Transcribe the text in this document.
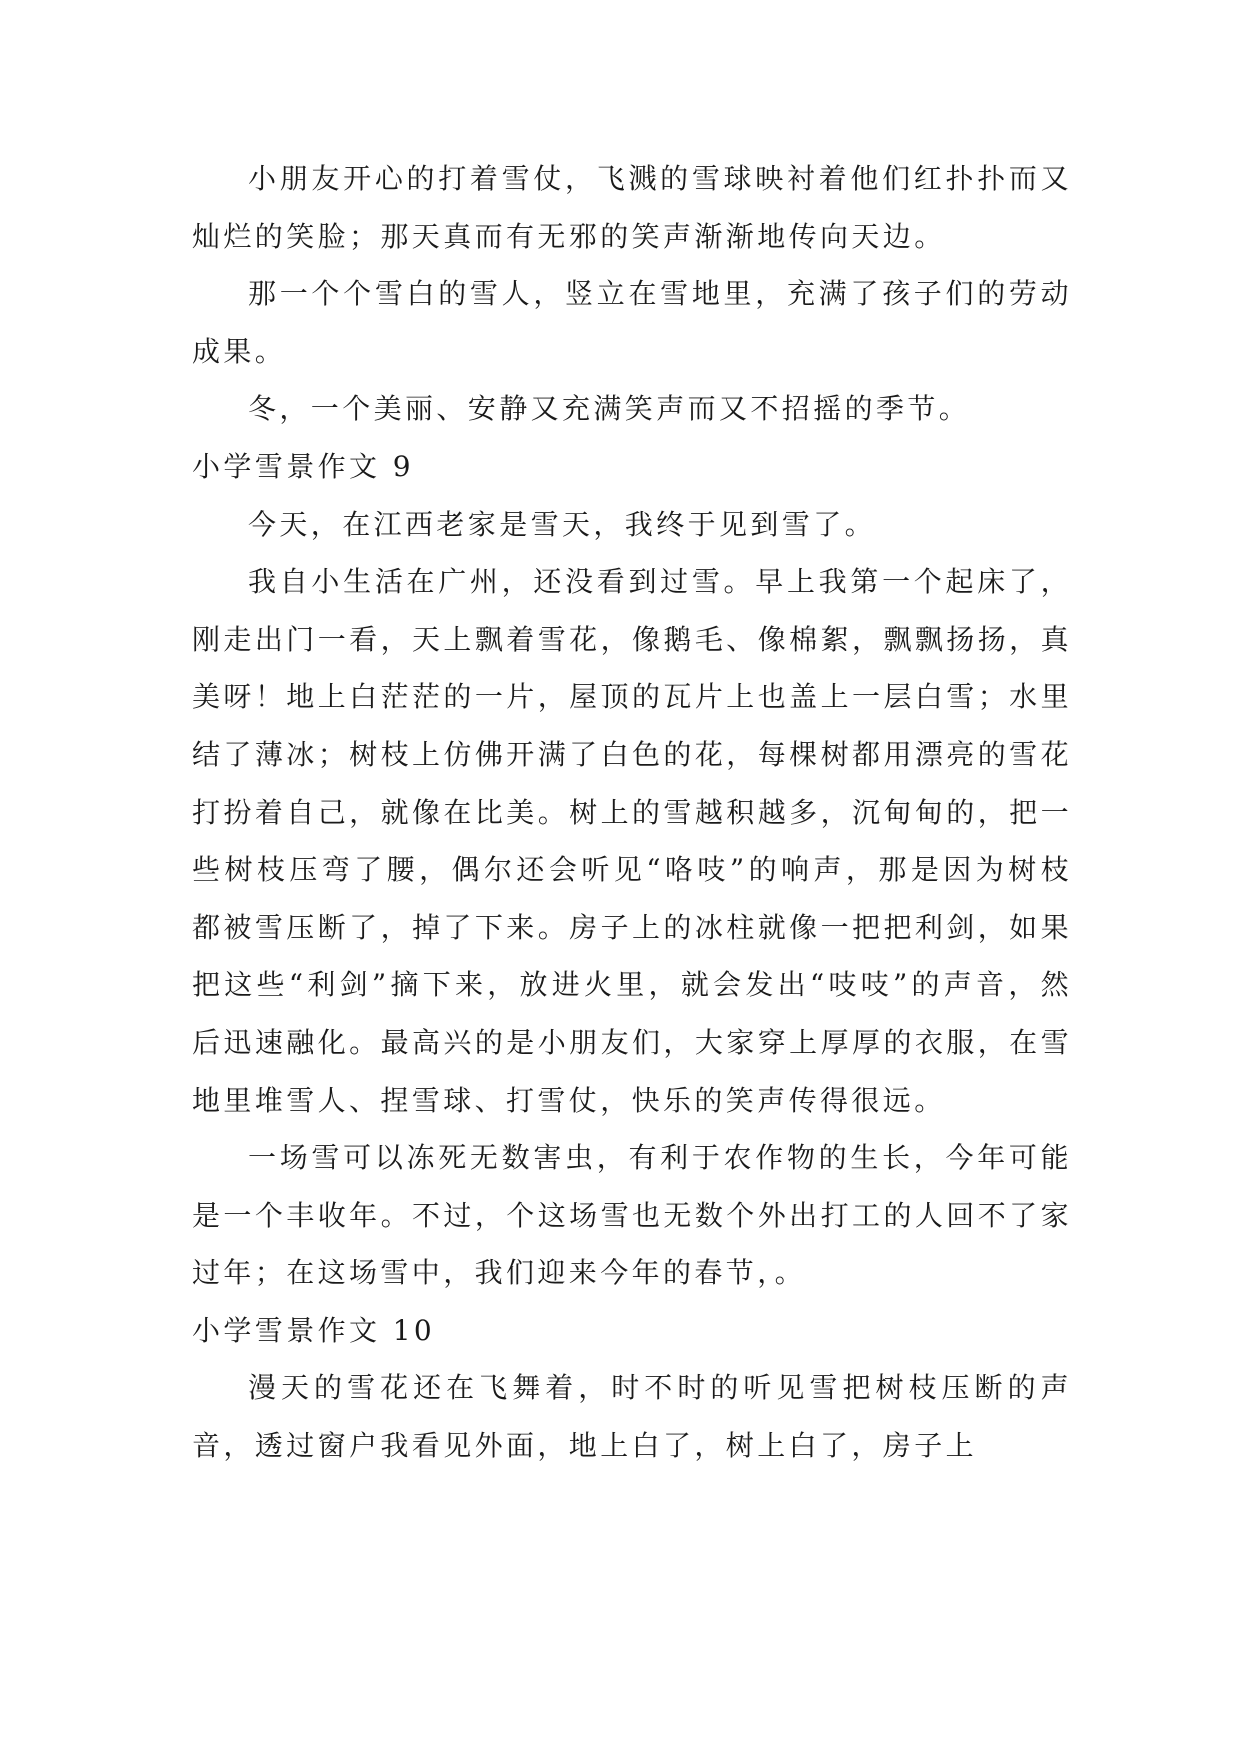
小朋友开心的打着雪仗，飞溅的雪球映衬着他们红扑扑而又灿烂的笑脸；那天真而有无邪的笑声渐渐地传向天边。

那一个个雪白的雪人，竖立在雪地里，充满了孩子们的劳动成果。

冬，一个美丽、安静又充满笑声而又不招摇的季节。

小学雪景作文 9

今天，在江西老家是雪天，我终于见到雪了。

我自小生活在广州，还没看到过雪。早上我第一个起床了，刚走出门一看，天上飘着雪花，像鹅毛、像棉絮，飘飘扬扬，真美呀！地上白茫茫的一片，屋顶的瓦片上也盖上一层白雪；水里结了薄冰；树枝上仿佛开满了白色的花，每棵树都用漂亮的雪花打扮着自己，就像在比美。树上的雪越积越多，沉甸甸的，把一些树枝压弯了腰，偶尔还会听见“咯吱”的响声，那是因为树枝都被雪压断了，掉了下来。房子上的冰柱就像一把把利剑，如果把这些“利剑”摘下来，放进火里，就会发出“吱吱”的声音，然后迅速融化。最高兴的是小朋友们，大家穿上厚厚的衣服，在雪地里堆雪人、捏雪球、打雪仗，快乐的笑声传得很远。

一场雪可以冻死无数害虫，有利于农作物的生长，今年可能是一个丰收年。不过，个这场雪也无数个外出打工的人回不了家过年；在这场雪中，我们迎来今年的春节，。

小学雪景作文 10

漫天的雪花还在飞舞着，时不时的听见雪把树枝压断的声音，透过窗户我看见外面，地上白了，树上白了，房子上
